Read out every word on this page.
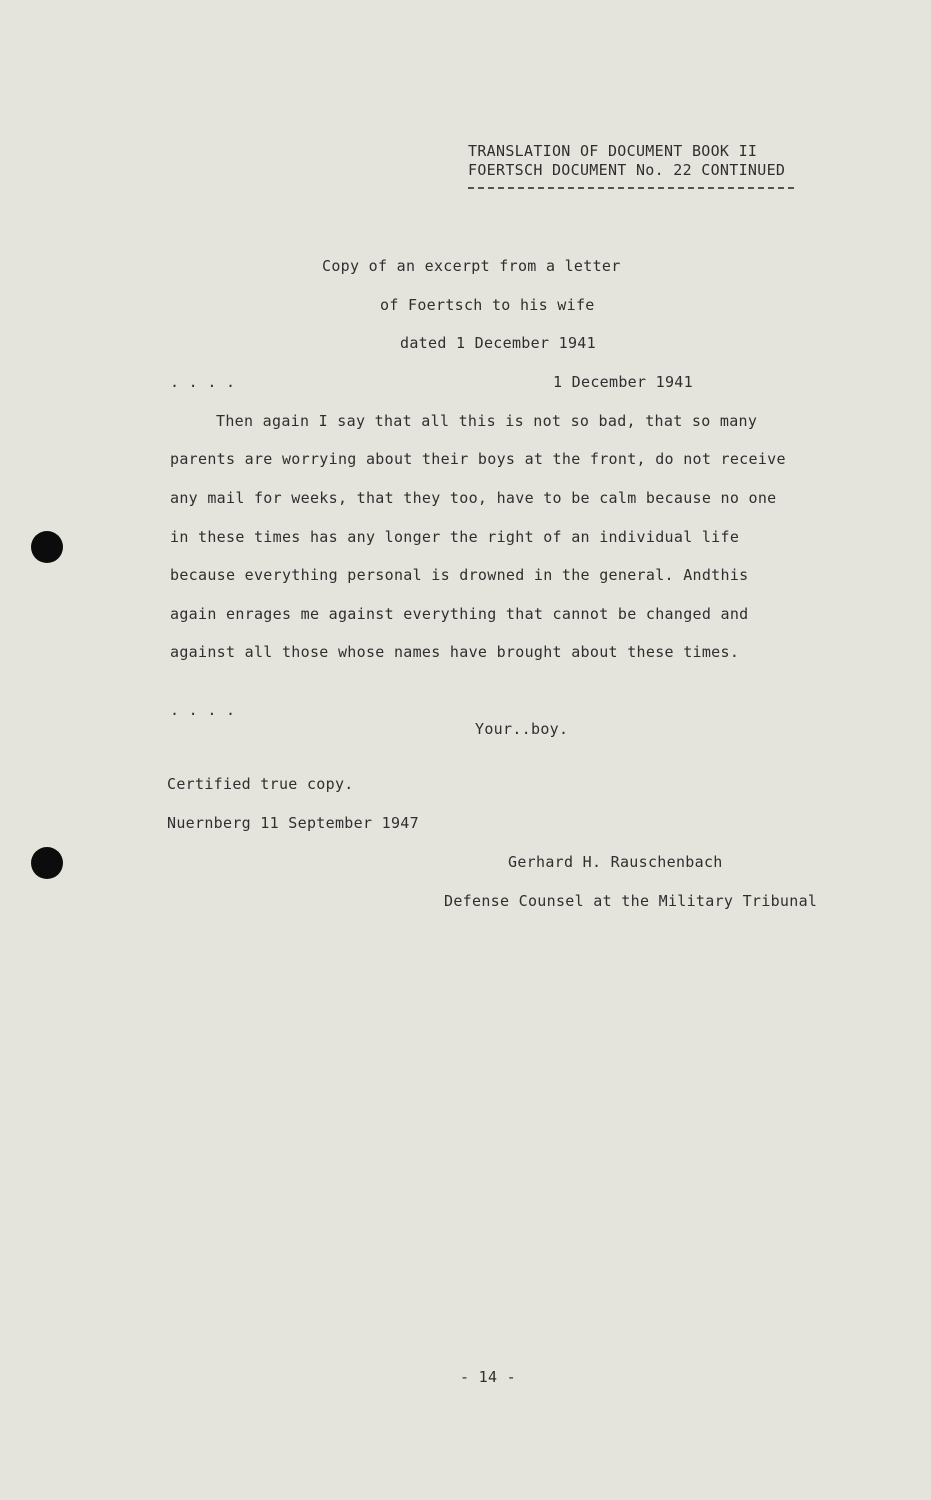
TRANSLATION OF DOCUMENT BOOK II
FOERTSCH DOCUMENT No. 22 CONTINUED
Copy of an excerpt from a letter
of Foertsch to his wife
dated 1 December 1941
. . . .	1 December 1941
Then again I say that all this is not so bad, that so many
parents are worrying about their boys at the front, do not receive
any mail for weeks, that they too, have to be calm because no one
in these times has any longer the right of an individual life
because everything personal is drowned in the general. Andthis
again enrages me against everything that cannot be changed and
against all those whose names have brought about these times.
. . . .
Your..boy.
Certified true copy.
Nuernberg 11 September 1947
Gerhard H. Rauschenbach
Defense Counsel at the Military Tribunal
- 14 -
